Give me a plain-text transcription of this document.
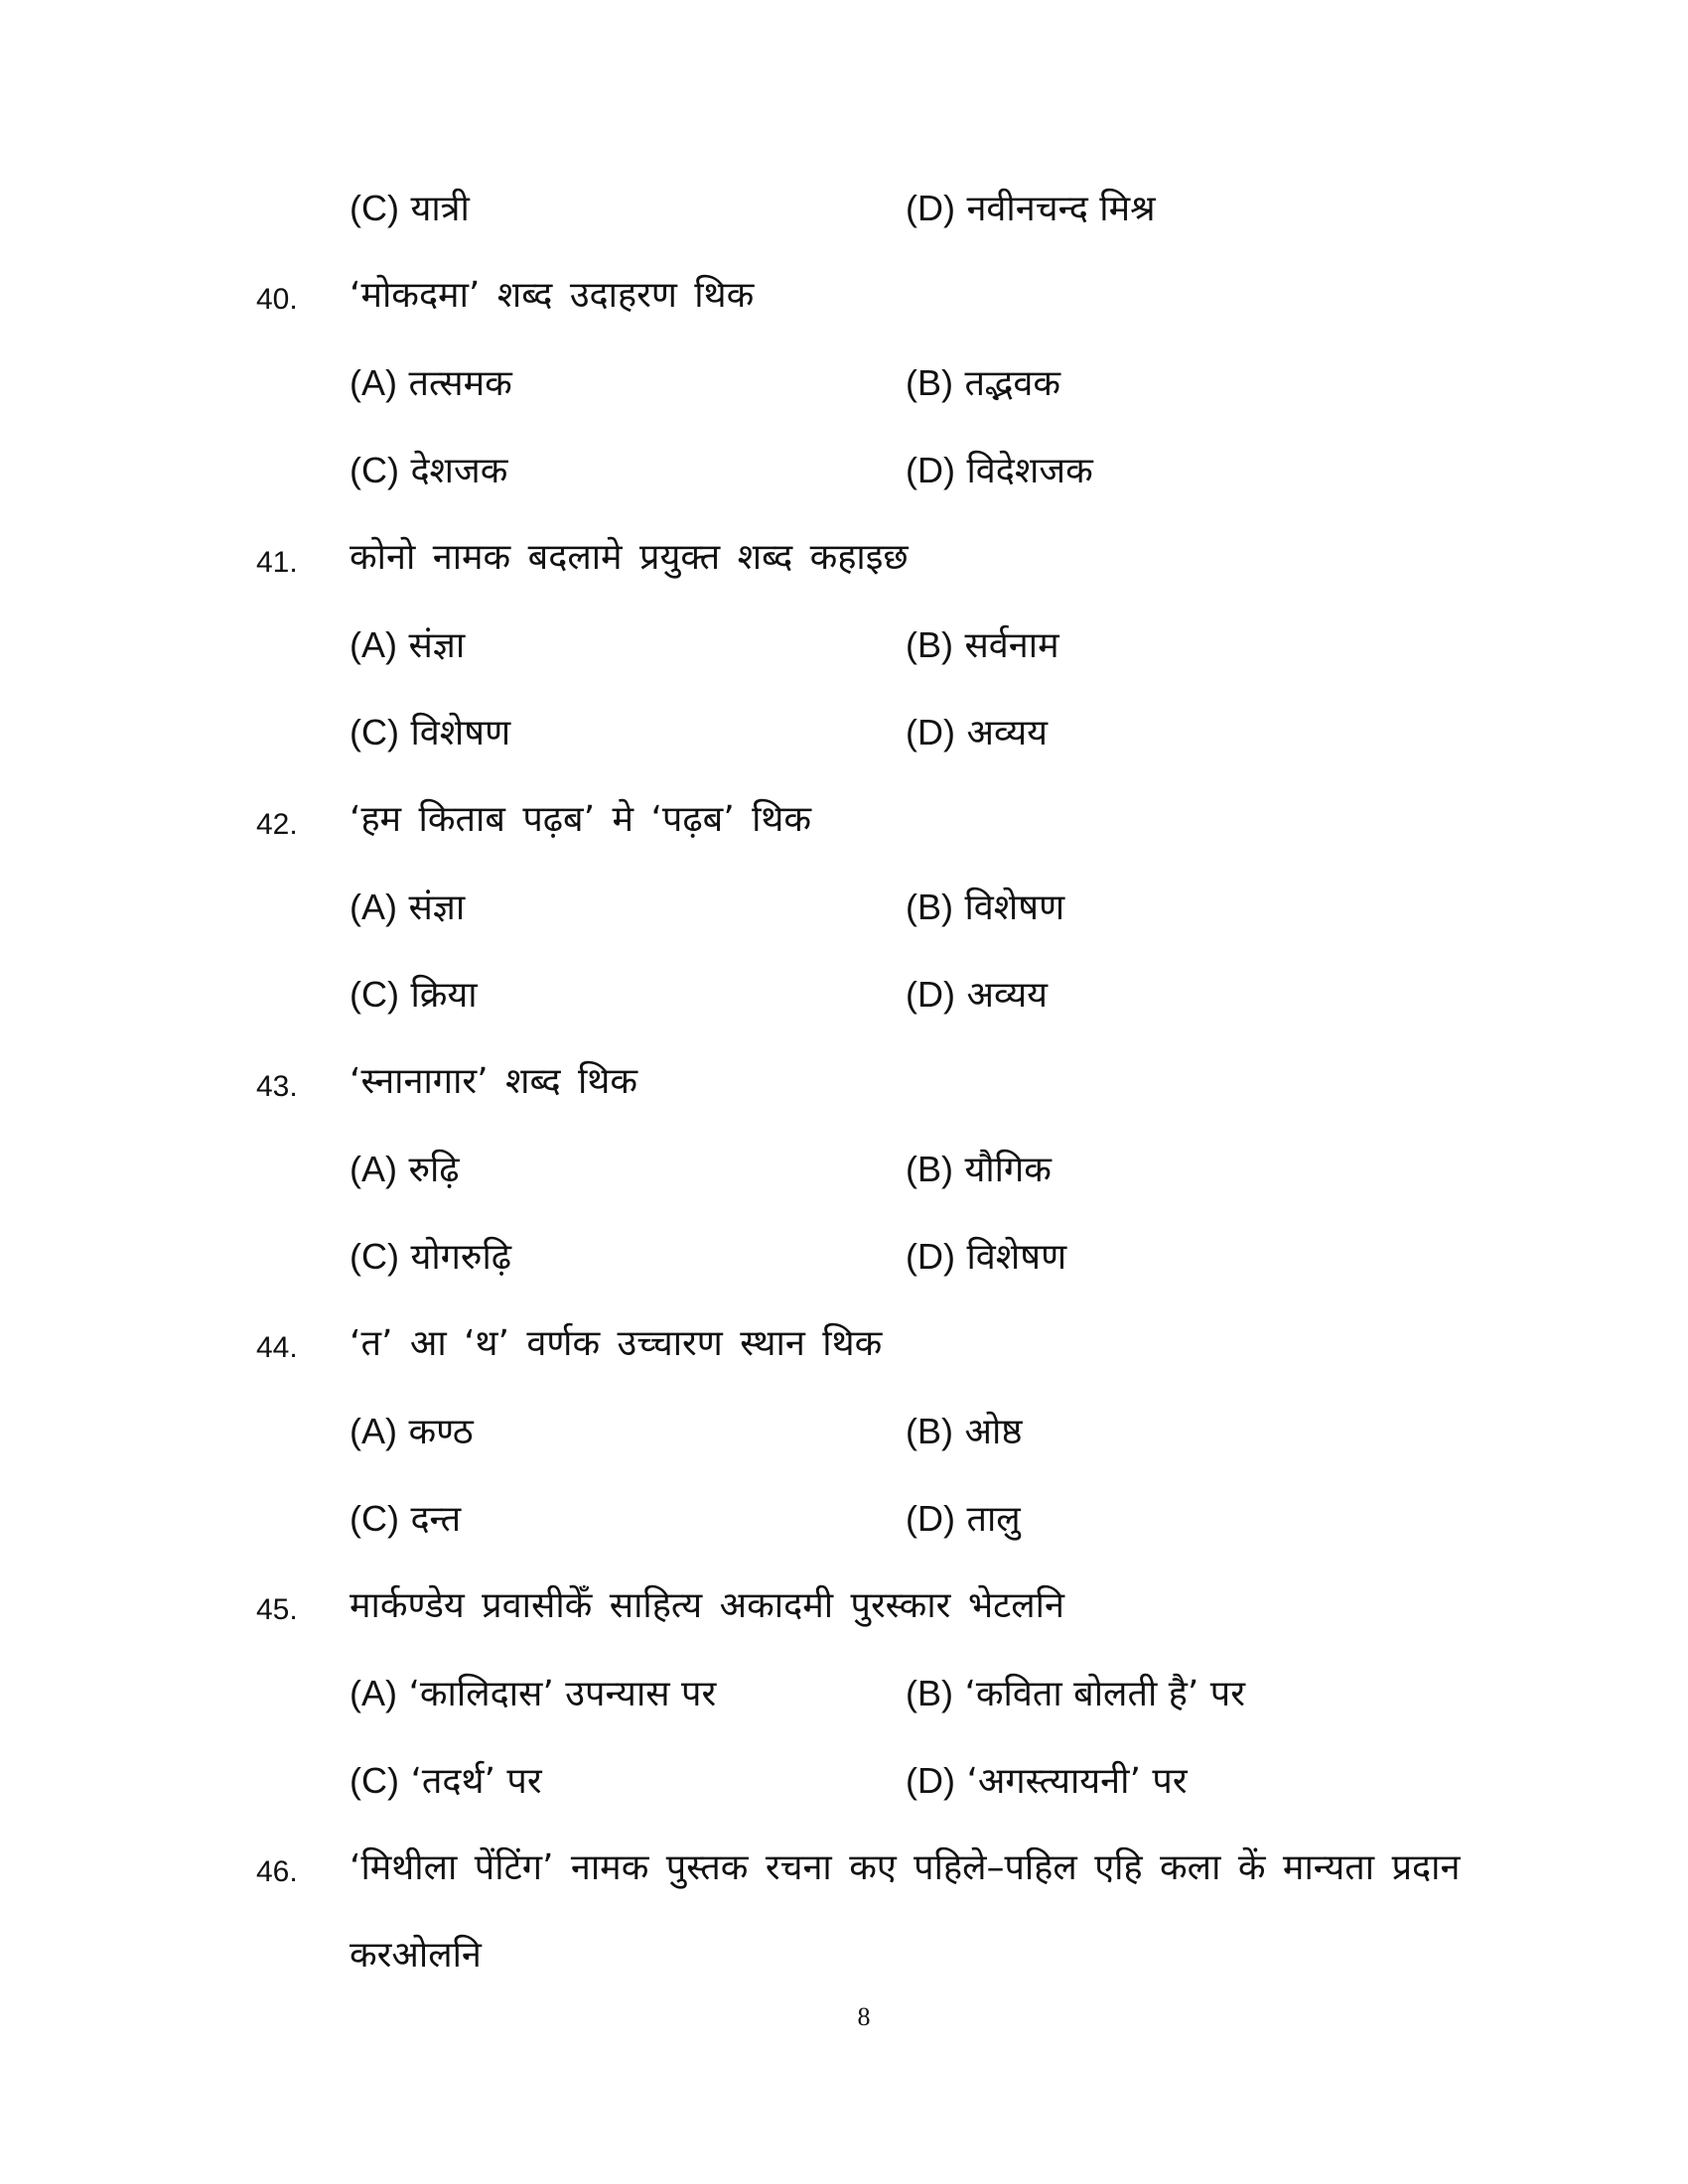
(C) यात्री	(D) नवीनचन्द मिश्र
40. ‘मोकदमा’ शब्द उदाहरण थिक
(A) तत्समक	(B) तद्भवक
(C) देशजक	(D) विदेशजक
41. कोनो नामक बदलामे प्रयुक्त शब्द कहाइछ
(A) संज्ञा	(B) सर्वनाम
(C) विशेषण	(D) अव्यय
42. ‘हम किताब पढ़ब’ मे ‘पढ़ब’ थिक
(A) संज्ञा	(B) विशेषण
(C) क्रिया	(D) अव्यय
43. ‘स्नानागार’ शब्द थिक
(A) रुढ़ि	(B) यौगिक
(C) योगरुढ़ि	(D) विशेषण
44. ‘त’ आ ‘थ’ वर्णक उच्चारण स्थान थिक
(A) कण्ठ	(B) ओष्ठ
(C) दन्त	(D) तालु
45. मार्कण्डेय प्रवासीकेँ साहित्य अकादमी पुरस्कार भेटलनि
(A) ‘कालिदास’ उपन्यास पर	(B) ‘कविता बोलती है’ पर
(C) ‘तदर्थ’ पर	(D) ‘अगस्त्यायनी’ पर
46. ‘मिथीला पेंटिंग’ नामक पुस्तक रचना कए पहिले–पहिल एहि कला कें मान्यता प्रदान
करओलनि
8
